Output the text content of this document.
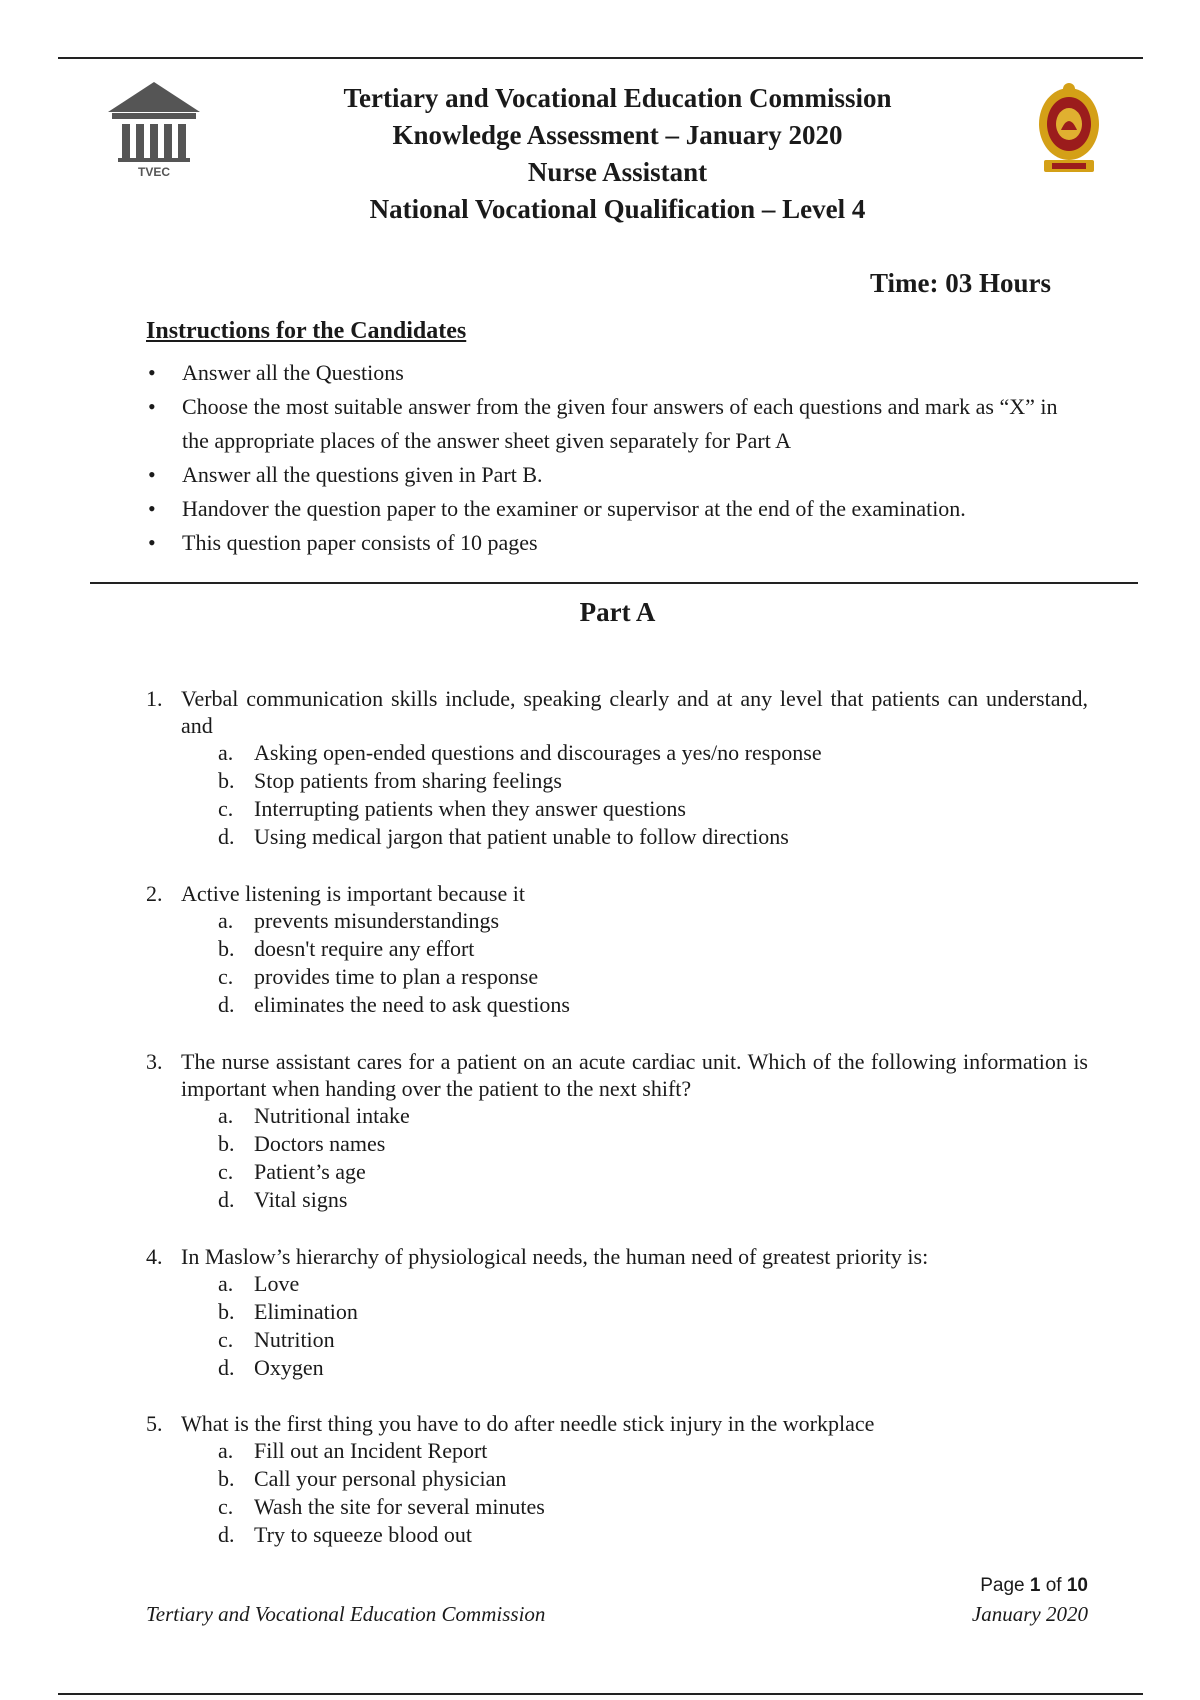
TVEC
Tertiary and Vocational Education Commission
Knowledge Assessment – January 2020
Nurse Assistant
National Vocational Qualification – Level 4
Time: 03 Hours
Instructions for the Candidates
• Answer all the Questions
• Choose the most suitable answer from the given four answers of each questions and mark as “X” in the appropriate places of the answer sheet given separately for Part A
• Answer all the questions given in Part B.
• Handover the question paper to the examiner or supervisor at the end of the examination.
• This question paper consists of 10 pages
Part A
1. Verbal communication skills include, speaking clearly and at any level that patients can understand, and
a. Asking open-ended questions and discourages a yes/no response
b. Stop patients from sharing feelings
c. Interrupting patients when they answer questions
d. Using medical jargon that patient unable to follow directions
2. Active listening is important because it
a. prevents misunderstandings
b. doesn't require any effort
c. provides time to plan a response
d. eliminates the need to ask questions
3. The nurse assistant cares for a patient on an acute cardiac unit. Which of the following information is important when handing over the patient to the next shift?
a. Nutritional intake
b. Doctors names
c. Patient’s age
d. Vital signs
4. In Maslow’s hierarchy of physiological needs, the human need of greatest priority is:
a. Love
b. Elimination
c. Nutrition
d. Oxygen
5. What is the first thing you have to do after needle stick injury in the workplace
a. Fill out an Incident Report
b. Call your personal physician
c. Wash the site for several minutes
d. Try to squeeze blood out
Page 1 of 10
Tertiary and Vocational Education Commission	January 2020
